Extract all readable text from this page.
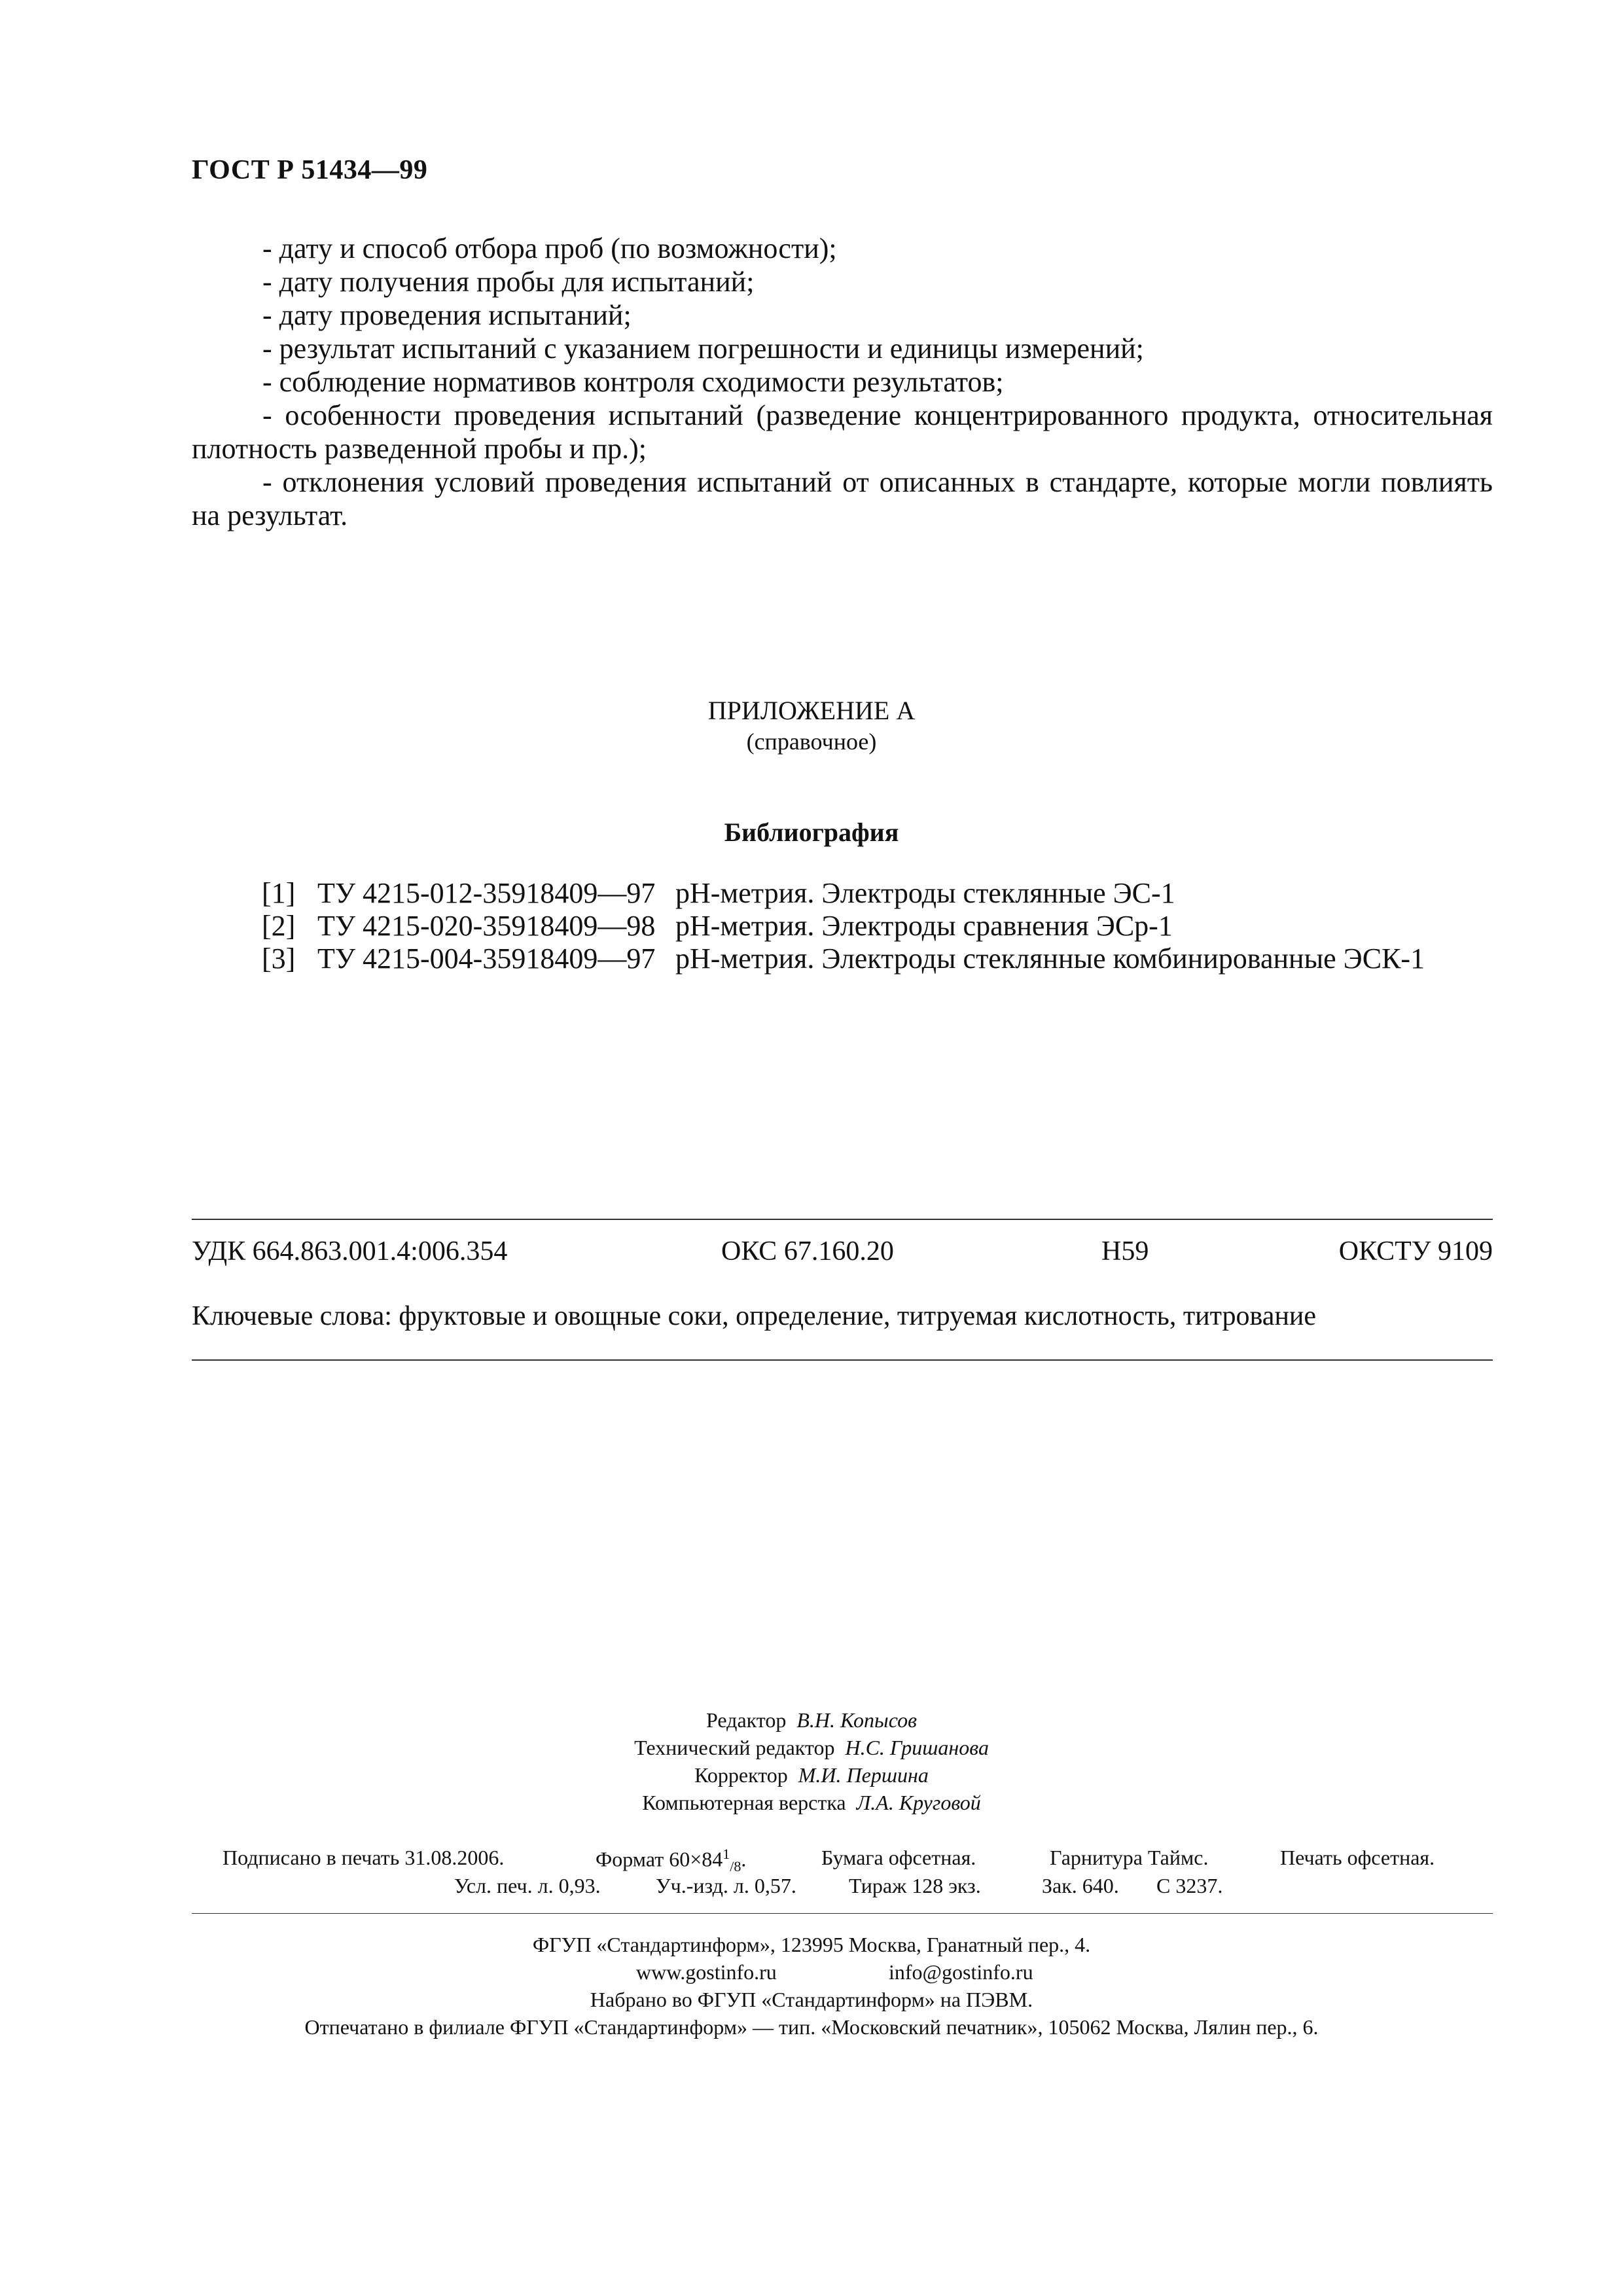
ГОСТ Р 51434—99

- дату и способ отбора проб (по возможности);

- дату получения пробы для испытаний;

- дату проведения испытаний;

- результат испытаний с указанием погрешности и единицы измерений;

- соблюдение нормативов контроля сходимости результатов;

- особенности проведения испытаний (разведение концентрированного продукта, относительная плотность разведенной пробы и пр.);

- отклонения условий проведения испытаний от описанных в стандарте, которые могли повлиять на результат.

ПРИЛОЖЕНИЕ А
(справочное)
Библиография
[1] ТУ 4215-012-35918409—97 pH-метрия. Электроды стеклянные ЭС-1
[2] ТУ 4215-020-35918409—98 pH-метрия. Электроды сравнения ЭСр-1
[3] ТУ 4215-004-35918409—97 pH-метрия. Электроды стеклянные комбинированные ЭСК-1
УДК 664.863.001.4:006.354	ОКС 67.160.20	Н59	ОКСТУ 9109
Ключевые слова: фруктовые и овощные соки, определение, титруемая кислотность, титрование
Редактор В.Н. Копысов
Технический редактор Н.С. Гришанова
Корректор М.И. Першина
Компьютерная верстка Л.А. Круговой
Подписано в печать 31.08.2006.	Формат $60\times 84^1_{/8}$.	Бумага офсетная.	Гарнитура Таймс.	Печать офсетная.
Усл. печ. л. 0,93.	Уч.-изд. л. 0,57.	Тираж 128 экз.	Зак. 640. С 3237.
ФГУП «Стандартинформ», 123995 Москва, Гранатный пер., 4.
www.gostinfo.ru	info@gostinfo.ru
Набрано во ФГУП «Стандартинформ» на ПЭВМ.
Отпечатано в филиале ФГУП «Стандартинформ» — тип. «Московский печатник», 105062 Москва, Лялин пер., 6.
